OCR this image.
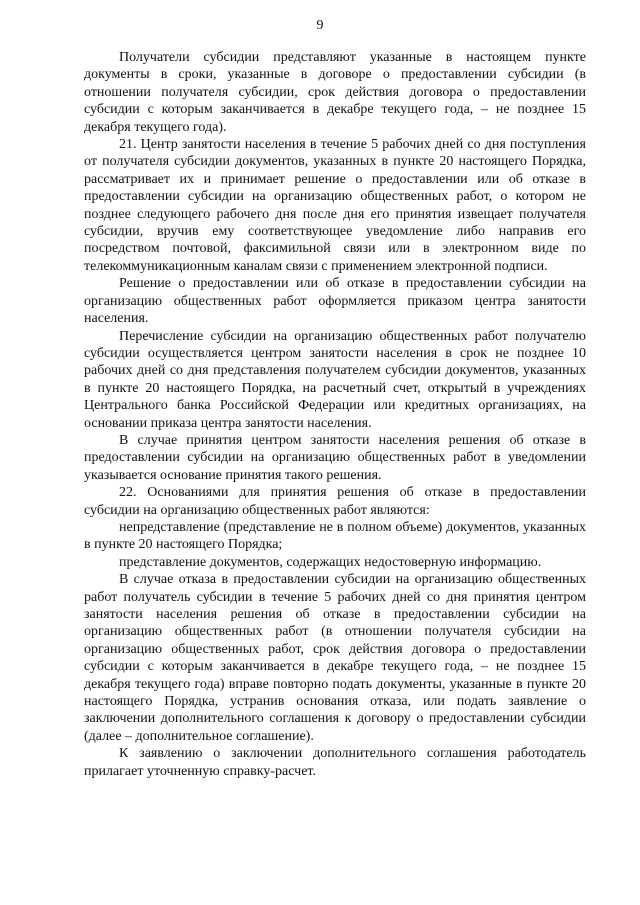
9

Получатели субсидии представляют указанные в настоящем пункте документы в сроки, указанные в договоре о предоставлении субсидии (в отношении получателя субсидии, срок действия договора о предоставлении субсидии с которым заканчивается в декабре текущего года, – не позднее 15 декабря текущего года).

21. Центр занятости населения в течение 5 рабочих дней со дня поступления от получателя субсидии документов, указанных в пункте 20 настоящего Порядка, рассматривает их и принимает решение о предоставлении или об отказе в предоставлении субсидии на организацию общественных работ, о котором не позднее следующего рабочего дня после дня его принятия извещает получателя субсидии, вручив ему соответствующее уведомление либо направив его посредством почтовой, факсимильной связи или в электронном виде по телекоммуникационным каналам связи с применением электронной подписи.

Решение о предоставлении или об отказе в предоставлении субсидии на организацию общественных работ оформляется приказом центра занятости населения.

Перечисление субсидии на организацию общественных работ получателю субсидии осуществляется центром занятости населения в срок не позднее 10 рабочих дней со дня представления получателем субсидии документов, указанных в пункте 20 настоящего Порядка, на расчетный счет, открытый в учреждениях Центрального банка Российской Федерации или кредитных организациях, на основании приказа центра занятости населения.

В случае принятия центром занятости населения решения об отказе в предоставлении субсидии на организацию общественных работ в уведомлении указывается основание принятия такого решения.

22. Основаниями для принятия решения об отказе в предоставлении субсидии на организацию общественных работ являются:

непредставление (представление не в полном объеме) документов, указанных в пункте 20 настоящего Порядка;

представление документов, содержащих недостоверную информацию.

В случае отказа в предоставлении субсидии на организацию общественных работ получатель субсидии в течение 5 рабочих дней со дня принятия центром занятости населения решения об отказе в предоставлении субсидии на организацию общественных работ (в отношении получателя субсидии на организацию общественных работ, срок действия договора о предоставлении субсидии с которым заканчивается в декабре текущего года, – не позднее 15 декабря текущего года) вправе повторно подать документы, указанные в пункте 20 настоящего Порядка, устранив основания отказа, или подать заявление о заключении дополнительного соглашения к договору о предоставлении субсидии (далее – дополнительное соглашение).

К заявлению о заключении дополнительного соглашения работодатель прилагает уточненную справку-расчет.
